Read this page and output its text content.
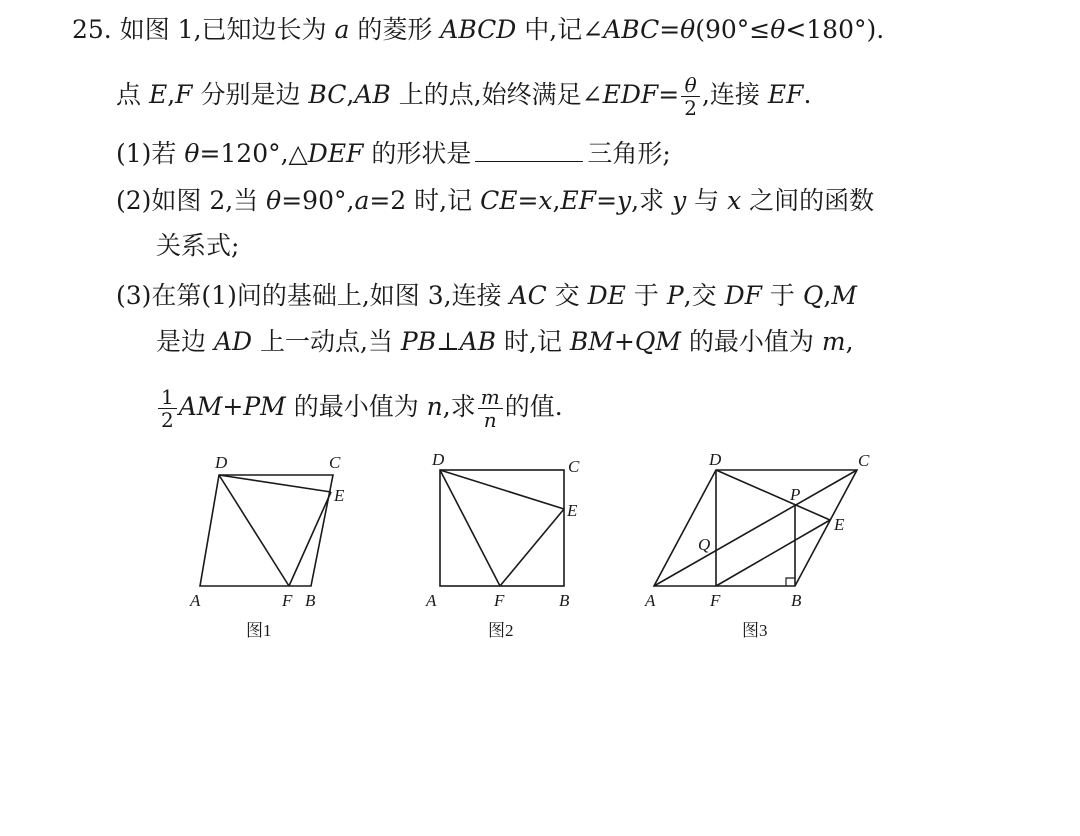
25. 如图 1,已知边长为 a 的菱形 ABCD 中,记∠ABC=θ(90°≤θ<180°).
点 E,F 分别是边 BC,AB 上的点,始终满足∠EDF= $\frac{\theta}{2}$ ,连接 EF.
(1)若 θ=120°,△DEF 的形状是	三角形;
(2)如图 2,当 θ=90°,a=2 时,记 CE=x,EF=y,求 y 与 x 之间的函数
关系式;
(3)在第(1)问的基础上,如图 3,连接 AC 交 DE 于 P,交 DF 于 Q,M
是边 AD 上一动点,当 PB⊥AB 时,记 BM+QM 的最小值为 m,
$\frac{1}{2} AM+PM$ 的最小值为 n,求 $\frac{m}{n}$ 的值.
D	C
E
A	F B
图1
D	C
E
A	F	B
图2
D	C
P
E
Q
A	F	B
图3
